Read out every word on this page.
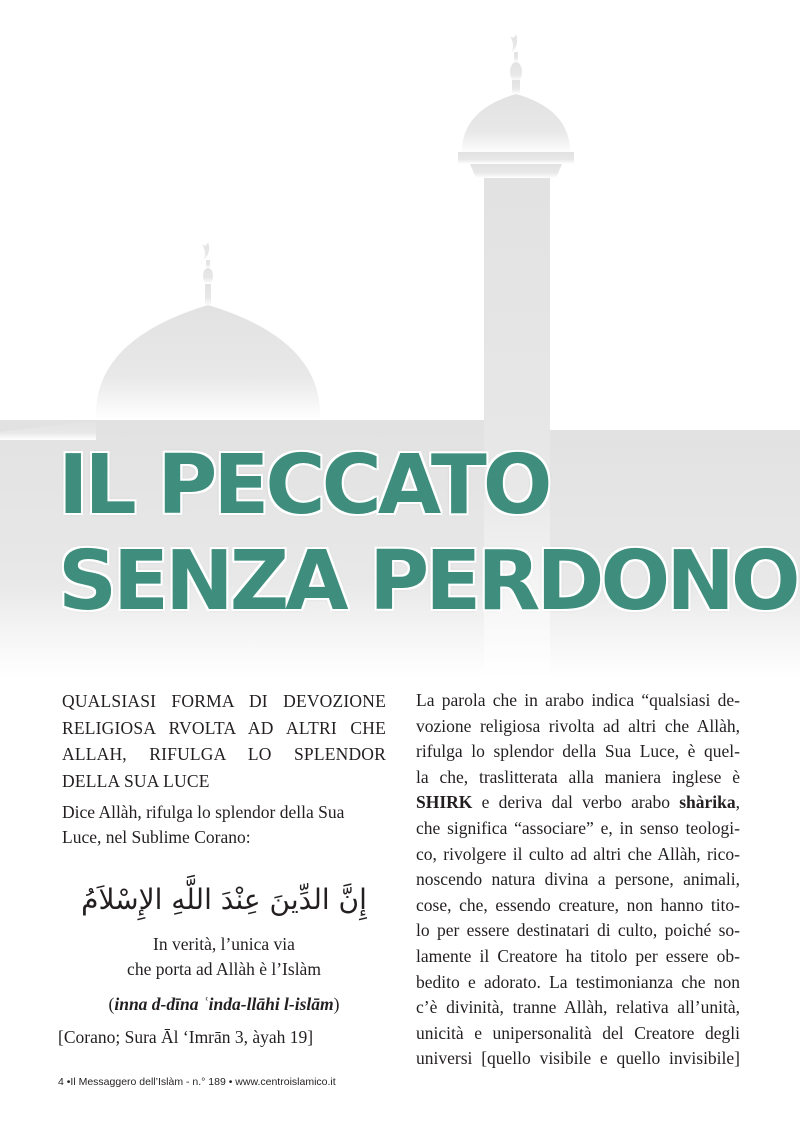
IL PECCATO
SENZA PERDONO

QUALSIASI FORMA DI DEVOZIONE RELIGIOSA RVOLTA AD ALTRI CHE ALLAH, RIFULGA LO SPLENDOR DELLA SUA LUCE

Dice Allàh, rifulga lo splendor della Sua Luce, nel Sublime Corano:

إِنَّ الدِّينَ عِنْدَ اللَّهِ الإِسْلاَمُ

In verità, l’unica via
che porta ad Allàh è l’Islàm

(inna d-dīna ʿinda-llāhi l-islām)

[Corano; Sura Āl ʻImrān 3, àyah 19]

La parola che in arabo indica “qualsiasi de-
vozione religiosa rivolta ad altri che Allàh,
rifulga lo splendor della Sua Luce, è quel-
la che, traslitterata alla maniera inglese è
SHIRK e deriva dal verbo arabo shàrika,
che significa “associare” e, in senso teologi-
co, rivolgere il culto ad altri che Allàh, rico-
noscendo natura divina a persone, animali,
cose, che, essendo creature, non hanno tito-
lo per essere destinatari di culto, poiché so-
lamente il Creatore ha titolo per essere ob-
bedito e adorato. La testimonianza che non
c’è divinità, tranne Allàh, relativa all’unità,
unicità e unipersonalità del Creatore degli
universi [quello visibile e quello invisibile]
4 •Il Messaggero dell’Islàm - n.° 189 • www.centroislamico.it
